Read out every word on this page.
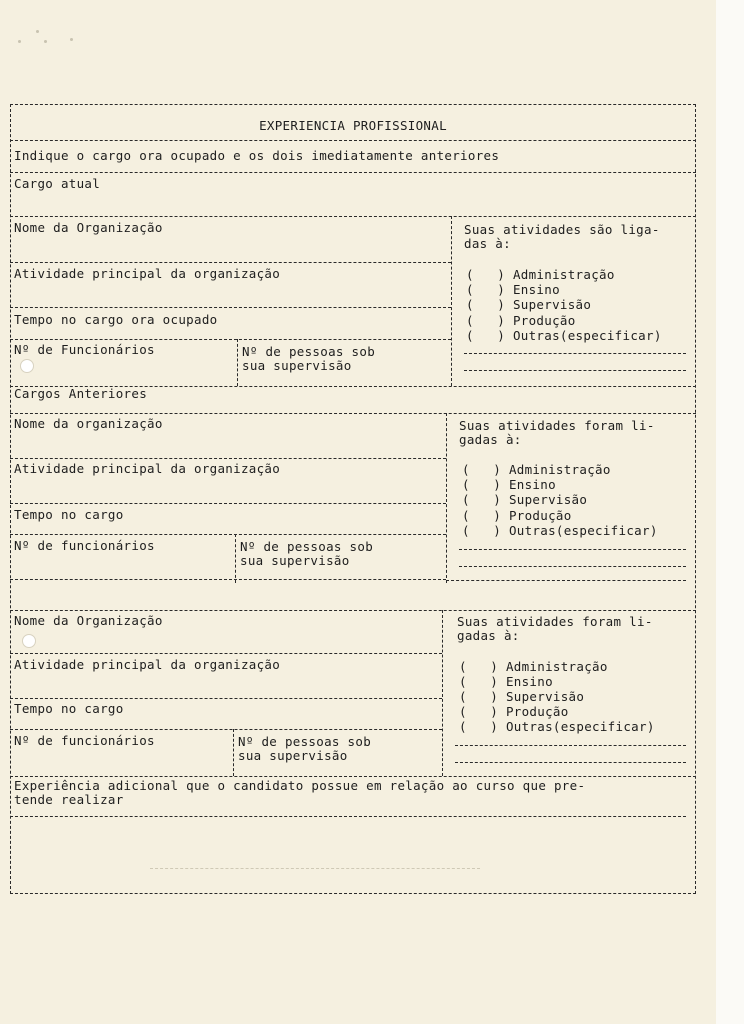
EXPERIENCIA PROFISSIONAL
Indique o cargo ora ocupado e os dois imediatamente anteriores
Cargo atual
Nome da Organização
Atividade principal da organização
Tempo no cargo ora ocupado
Nº de Funcionários	Nº de pessoas sob
sua supervisão
Suas atividades são liga-
das à:
(   ) Administração
(   ) Ensino
(   ) Supervisão
(   ) Produção
(   ) Outras(especificar)
Cargos Anteriores
Nome da organização
Atividade principal da organização
Tempo no cargo
Nº de funcionários	Nº de pessoas sob
sua supervisão
Suas atividades foram li-
gadas à:
(   ) Administração
(   ) Ensino
(   ) Supervisão
(   ) Produção
(   ) Outras(especificar)
Nome da Organização
Atividade principal da organização
Tempo no cargo
Nº de funcionários	Nº de pessoas sob
sua supervisão
Suas atividades foram li-
gadas à:
(   ) Administração
(   ) Ensino
(   ) Supervisão
(   ) Produção
(   ) Outras(especificar)
Experiência adicional que o candidato possue em relação ao curso que pre-
tende realizar
